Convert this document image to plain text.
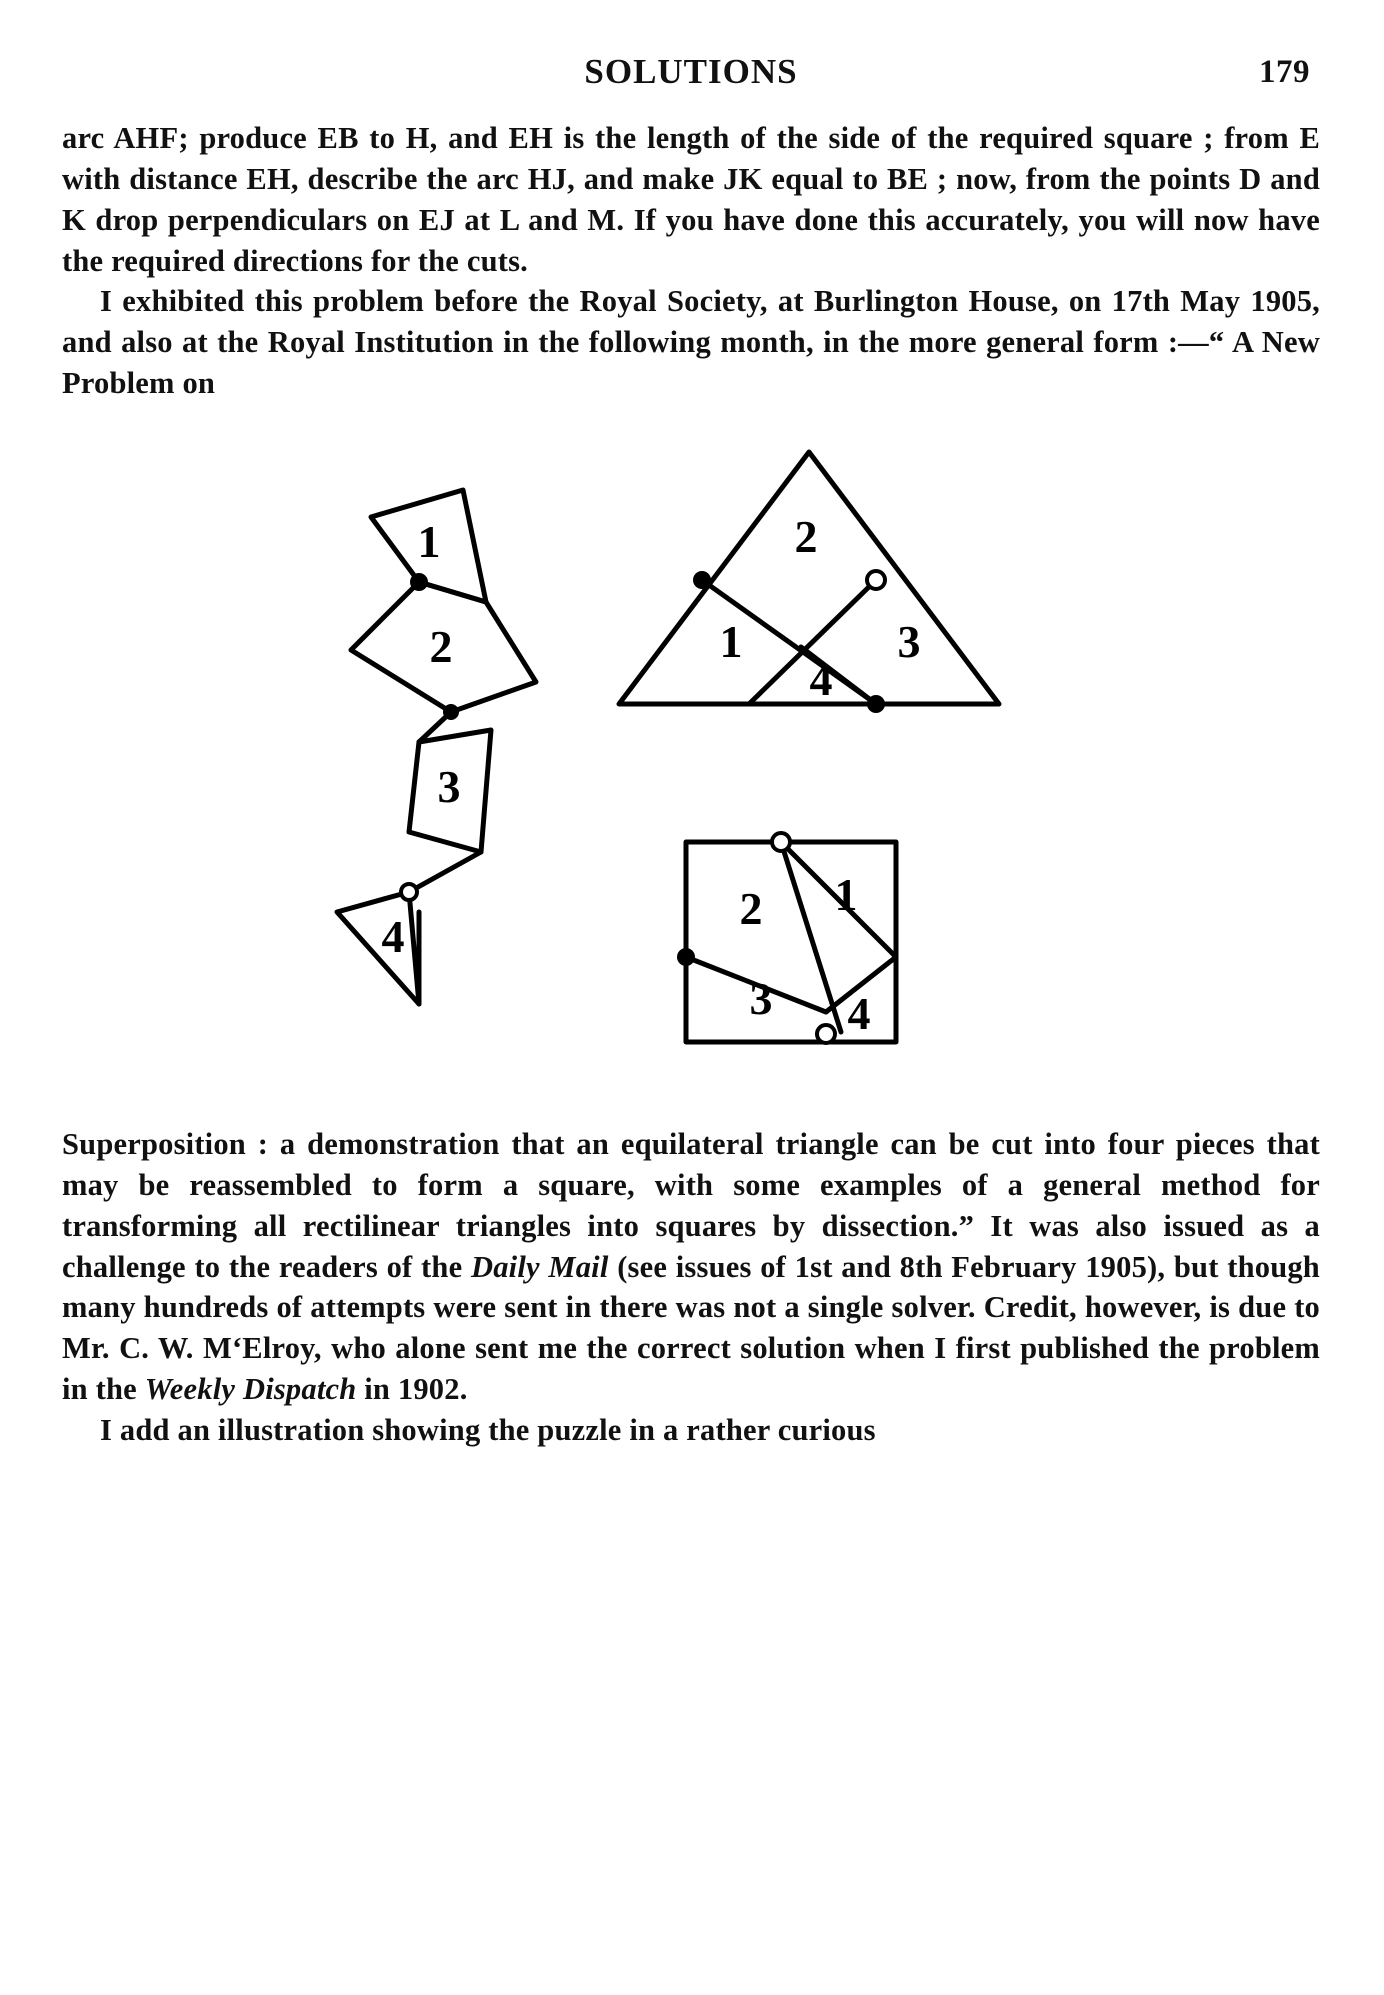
SOLUTIONS	179

arc AHF; produce EB to H, and EH is the length of the side of the required square ; from E with distance EH, describe the arc HJ, and make JK equal to BE ; now, from the points D and K drop perpendiculars on EJ at L and M. If you have done this accurately, you will now have the required directions for the cuts.

I exhibited this problem before the Royal Society, at Burlington House, on 17th May 1905, and also at the Royal Institution in the following month, in the more general form :—“ A New Problem on

1
2
3
4
2
1
4
3
2 1
3 4

Superposition : a demonstration that an equilateral triangle can be cut into four pieces that may be reassembled to form a square, with some examples of a general method for transforming all rectilinear triangles into squares by dissection.” It was also issued as a challenge to the readers of the Daily Mail (see issues of 1st and 8th February 1905), but though many hundreds of attempts were sent in there was not a single solver. Credit, however, is due to Mr. C. W. M‘Elroy, who alone sent me the correct solution when I first published the problem in the Weekly Dispatch in 1902.

I add an illustration showing the puzzle in a rather curious
